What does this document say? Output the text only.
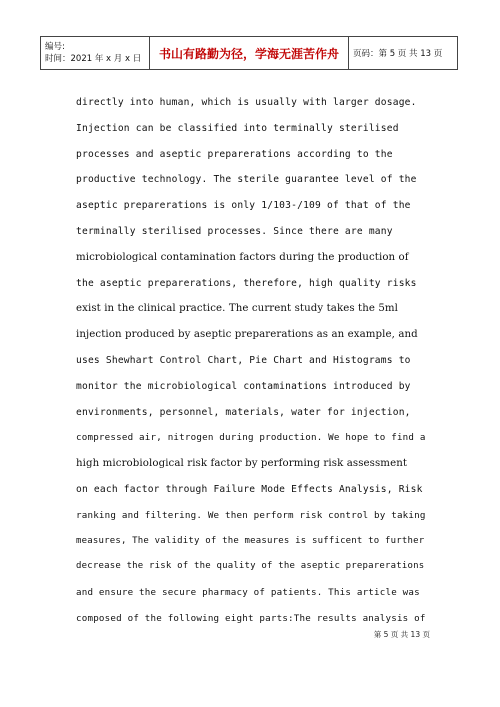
编号:
时间：2021 年 x 月 x 日	书山有路勤为径，学海无涯苦作舟	页码：第 5 页 共 13 页
directly into human, which is usually with larger dosage.
Injection can be classified into terminally sterilised
processes and aseptic preparerations according to the
productive technology. The sterile guarantee level of the
aseptic preparerations is only 1/103-/109 of that of the
terminally sterilised processes. Since there are many
microbiological contamination factors during the production of
the aseptic preparerations, therefore, high quality risks
exist in the clinical practice. The current study takes the 5ml
injection produced by aseptic preparerations as an example, and
uses Shewhart Control Chart, Pie Chart and Histograms to
monitor the microbiological contaminations introduced by
environments, personnel, materials, water for injection,
compressed air, nitrogen during production. We hope to find a
high microbiological risk factor by performing risk assessment
on each factor through Failure Mode Effects Analysis, Risk
ranking and filtering. We then perform risk control by taking
measures, The validity of the measures is sufficent to further
decrease the risk of the quality of the aseptic preparerations
and ensure the secure pharmacy of patients. This article was
composed of the following eight parts:The results analysis of
第 5 页 共 13 页
